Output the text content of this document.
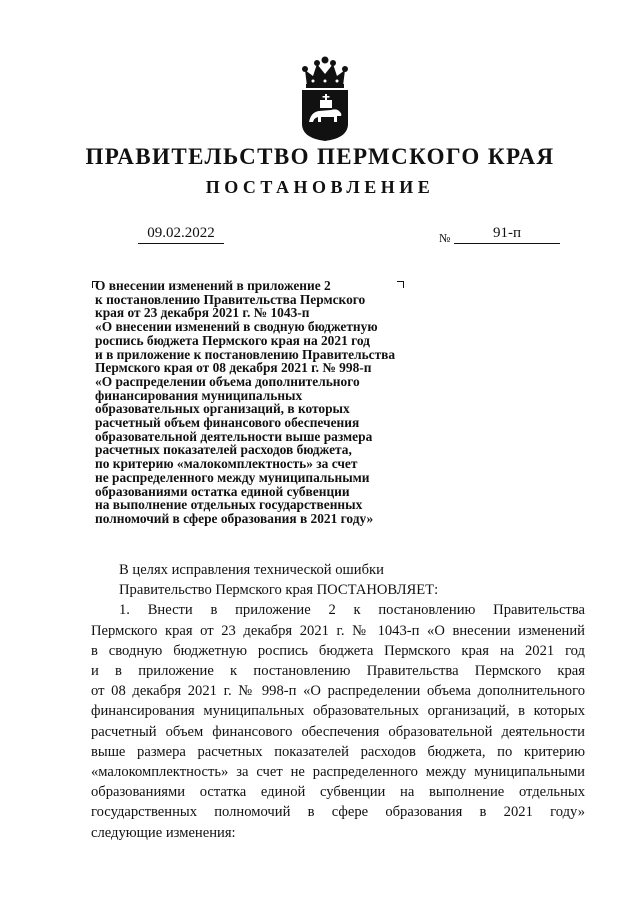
ПРАВИТЕЛЬСТВО ПЕРМСКОГО КРАЯ
ПОСТАНОВЛЕНИЕ
09.02.2022	№	91-п
О внесении изменений в приложение 2
к постановлению Правительства Пермского
края от 23 декабря 2021 г. № 1043-п
«О внесении изменений в сводную бюджетную
роспись бюджета Пермского края на 2021 год
и в приложение к постановлению Правительства
Пермского края от 08 декабря 2021 г. № 998-п
«О распределении объема дополнительного
финансирования муниципальных
образовательных организаций, в которых
расчетный объем финансового обеспечения
образовательной деятельности выше размера
расчетных показателей расходов бюджета,
по критерию «малокомплектность» за счет
не распределенного между муниципальными
образованиями остатка единой субвенции
на выполнение отдельных государственных
полномочий в сфере образования в 2021 году»
В целях исправления технической ошибки
Правительство Пермского края ПОСТАНОВЛЯЕТ:
1. Внести в приложение 2 к постановлению Правительства
Пермского края от 23 декабря 2021 г. № 1043-п «О внесении изменений
в сводную бюджетную роспись бюджета Пермского края на 2021 год
и в приложение к постановлению Правительства Пермского края
от 08 декабря 2021 г. № 998-п «О распределении объема дополнительного
финансирования муниципальных образовательных организаций, в которых
расчетный объем финансового обеспечения образовательной деятельности
выше размера расчетных показателей расходов бюджета, по критерию
«малокомплектность» за счет не распределенного между муниципальными
образованиями остатка единой субвенции на выполнение отдельных
государственных полномочий в сфере образования в 2021 году»
следующие изменения:
